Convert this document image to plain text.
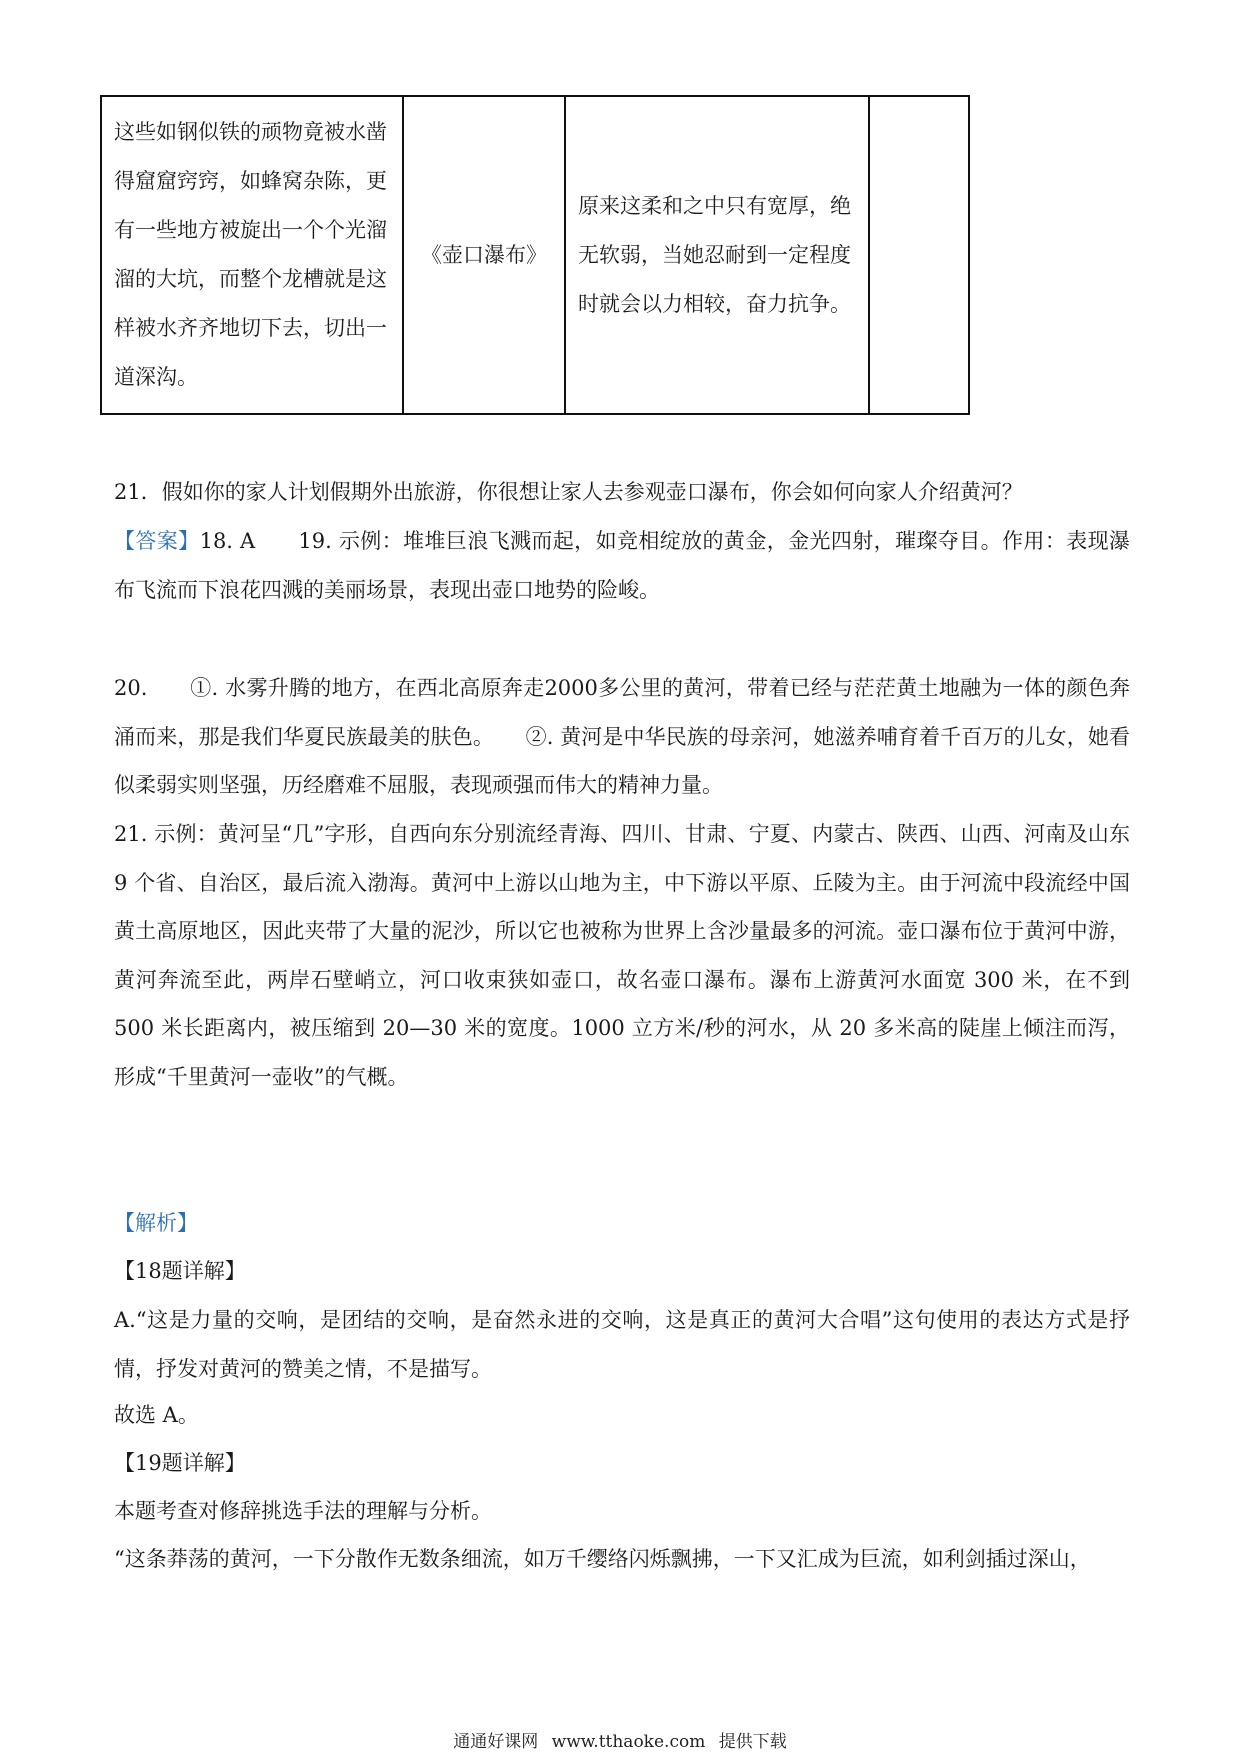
这些如钢似铁的顽物竟被水凿得窟窟窍窍，如蜂窝杂陈，更有一些地方被旋出一个个光溜溜的大坑，而整个龙槽就是这样被水齐齐地切下去，切出一道深沟。	《壶口瀑布》	原来这柔和之中只有宽厚，绝无软弱，当她忍耐到一定程度时就会以力相较，奋力抗争。	
21．假如你的家人计划假期外出旅游，你很想让家人去参观壶口瀑布，你会如何向家人介绍黄河？
【答案】18. A　　19. 示例：堆堆巨浪飞溅而起，如竞相绽放的黄金，金光四射，璀璨夺目。作用：表现瀑布飞流而下浪花四溅的美丽场景，表现出壶口地势的险峻。
20.　　①. 水雾升腾的地方，在西北高原奔走2000多公里的黄河，带着已经与茫茫黄土地融为一体的颜色奔涌而来，那是我们华夏民族最美的肤色。　　②. 黄河是中华民族的母亲河，她滋养哺育着千百万的儿女，她看似柔弱实则坚强，历经磨难不屈服，表现顽强而伟大的精神力量。
21. 示例：黄河呈“几”字形，自西向东分别流经青海、四川、甘肃、宁夏、内蒙古、陕西、山西、河南及山东 9 个省、自治区，最后流入渤海。黄河中上游以山地为主，中下游以平原、丘陵为主。由于河流中段流经中国黄土高原地区，因此夹带了大量的泥沙，所以它也被称为世界上含沙量最多的河流。壶口瀑布位于黄河中游，黄河奔流至此，两岸石壁峭立，河口收束狭如壶口，故名壶口瀑布。瀑布上游黄河水面宽 300 米，在不到 500 米长距离内，被压缩到 20—30 米的宽度。1000 立方米/秒的河水，从 20 多米高的陡崖上倾注而泻，形成“千里黄河一壶收”的气概。
【解析】
【18题详解】
A.“这是力量的交响，是团结的交响，是奋然永进的交响，这是真正的黄河大合唱”这句使用的表达方式是抒情，抒发对黄河的赞美之情，不是描写。
故选 A。
【19题详解】
本题考查对修辞挑选手法的理解与分析。
“这条莽荡的黄河，一下分散作无数条细流，如万千缨络闪烁飘拂，一下又汇成为巨流，如利剑插过深山，
通通好课网 www.tthaoke.com 提供下载
